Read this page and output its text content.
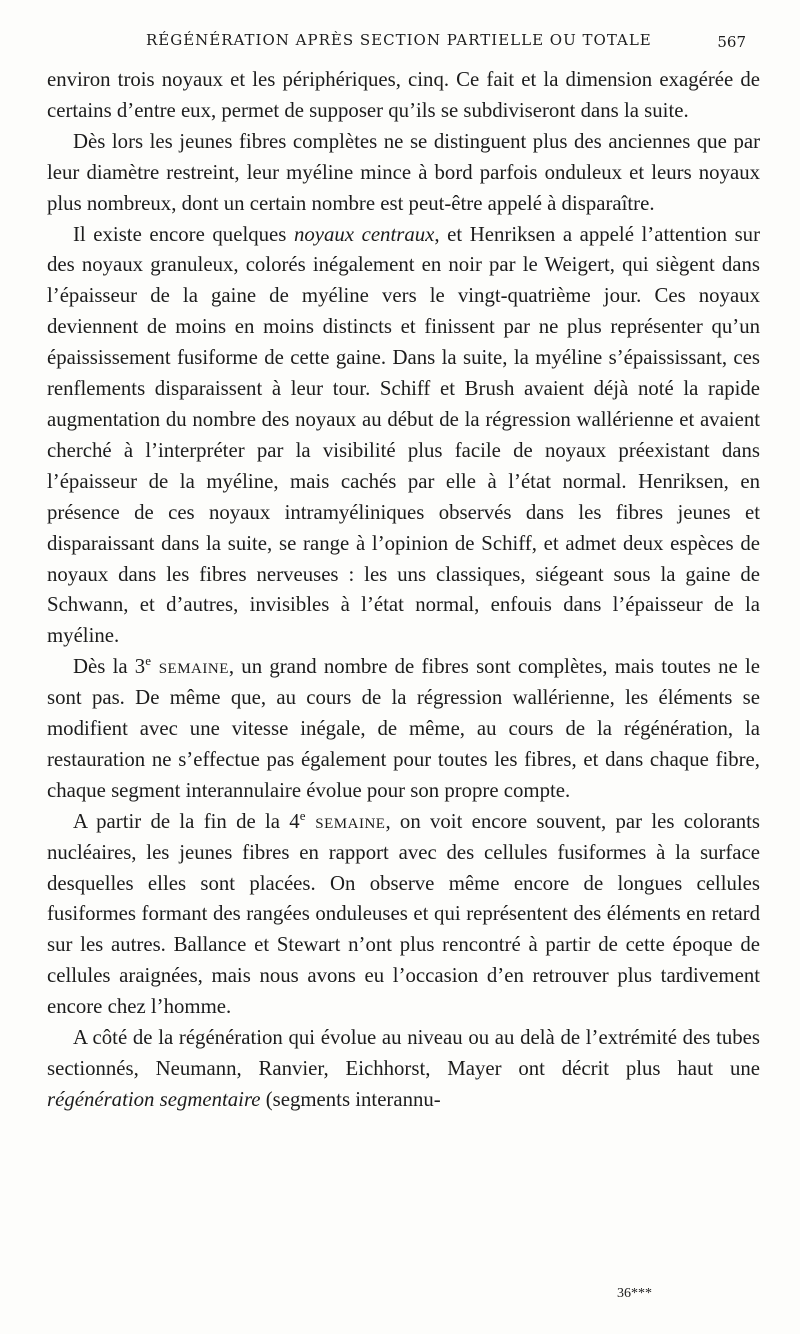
RÉGÉNÉRATION APRÈS SECTION PARTIELLE OU TOTALE	567

environ trois noyaux et les périphériques, cinq. Ce fait et la dimension exagérée de certains d’entre eux, permet de supposer qu’ils se subdiviseront dans la suite.

Dès lors les jeunes fibres complètes ne se distinguent plus des anciennes que par leur diamètre restreint, leur myéline mince à bord parfois onduleux et leurs noyaux plus nombreux, dont un certain nombre est peut-être appelé à disparaître.

Il existe encore quelques noyaux centraux, et Henriksen a appelé l’attention sur des noyaux granuleux, colorés inégalement en noir par le Weigert, qui siègent dans l’épaisseur de la gaine de myéline vers le vingt-quatrième jour. Ces noyaux deviennent de moins en moins distincts et finissent par ne plus représenter qu’un épaississement fusiforme de cette gaine. Dans la suite, la myéline s’épaississant, ces renflements disparaissent à leur tour. Schiff et Brush avaient déjà noté la rapide augmentation du nombre des noyaux au début de la régression wallérienne et avaient cherché à l’interpréter par la visibilité plus facile de noyaux préexistant dans l’épaisseur de la myéline, mais cachés par elle à l’état normal. Henriksen, en présence de ces noyaux intramyéliniques observés dans les fibres jeunes et disparaissant dans la suite, se range à l’opinion de Schiff, et admet deux espèces de noyaux dans les fibres nerveuses : les uns classiques, siégeant sous la gaine de Schwann, et d’autres, invisibles à l’état normal, enfouis dans l’épaisseur de la myéline.

Dès la 3e semaine, un grand nombre de fibres sont complètes, mais toutes ne le sont pas. De même que, au cours de la régression wallérienne, les éléments se modifient avec une vitesse inégale, de même, au cours de la régénération, la restauration ne s’effectue pas également pour toutes les fibres, et dans chaque fibre, chaque segment interannulaire évolue pour son propre compte.

A partir de la fin de la 4e semaine, on voit encore souvent, par les colorants nucléaires, les jeunes fibres en rapport avec des cellules fusiformes à la surface desquelles elles sont placées. On observe même encore de longues cellules fusiformes formant des rangées onduleuses et qui représentent des éléments en retard sur les autres. Ballance et Stewart n’ont plus rencontré à partir de cette époque de cellules araignées, mais nous avons eu l’occasion d’en retrouver plus tardivement encore chez l’homme.

A côté de la régénération qui évolue au niveau ou au delà de l’extrémité des tubes sectionnés, Neumann, Ranvier, Eichhorst, Mayer ont décrit plus haut une régénération segmentaire (segments interannu-

36***
